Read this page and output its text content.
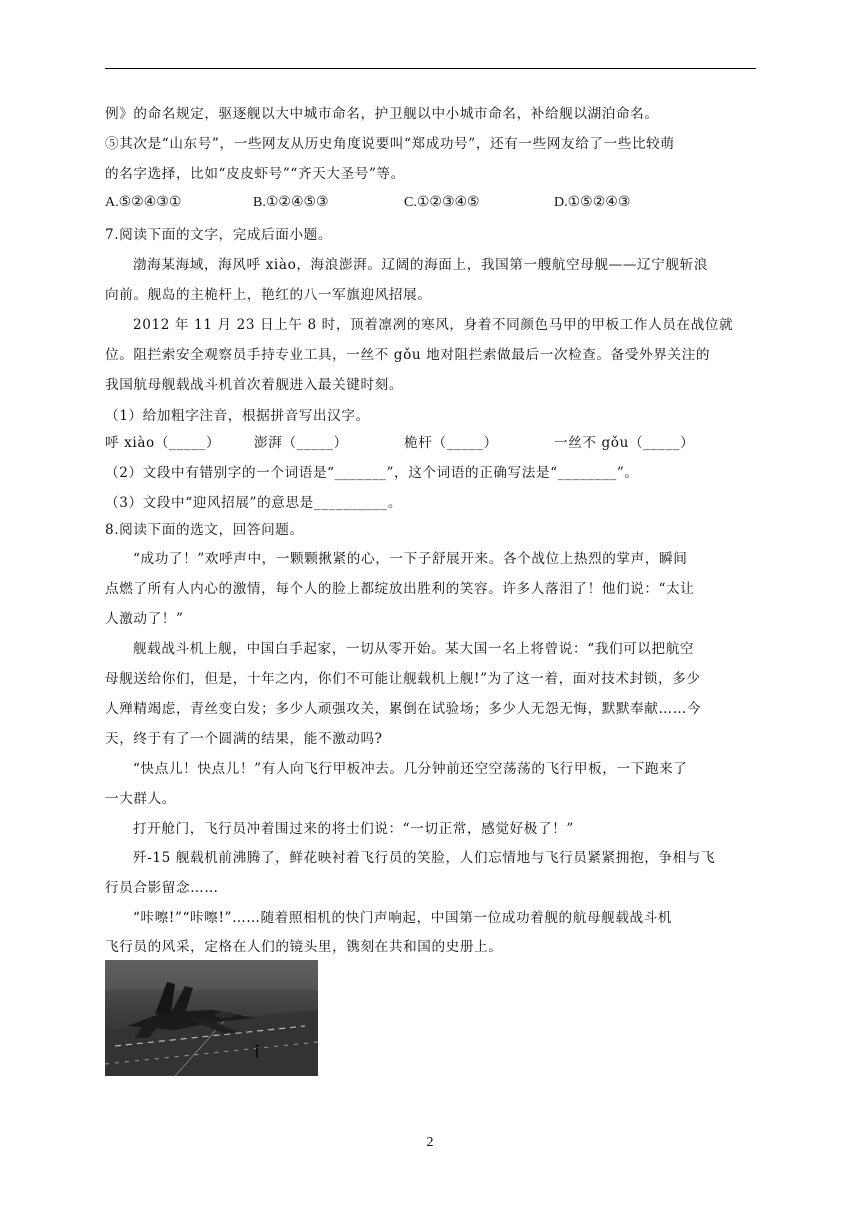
例》的命名规定，驱逐舰以大中城市命名，护卫舰以中小城市命名，补给舰以湖泊命名。
⑤其次是“山东号”，一些网友从历史角度说要叫“郑成功号”，还有一些网友给了一些比较萌
的名字选择，比如“皮皮虾号”“齐天大圣号”等。
A.⑤②④③①	B.①②④⑤③	C.①②③④⑤	D.①⑤②④③
7.阅读下面的文字，完成后面小题。
渤海某海域，海风呼 xiào，海浪澎湃。辽阔的海面上，我国第一艘航空母舰——辽宁舰斩浪
向前。舰岛的主桅杆上，艳红的八一军旗迎风招展。
2012 年 11 月 23 日上午 8 时，顶着凛冽的寒风，身着不同颜色马甲的甲板工作人员在战位就
位。阻拦索安全观察员手持专业工具，一丝不 gǒu 地对阻拦索做最后一次检查。备受外界关注的
我国航母舰载战斗机首次着舰进入最关键时刻。
（1）给加粗字注音，根据拼音写出汉字。
呼 xiào（_____） 澎湃（_____）	桅杆（_____）	一丝不 gǒu（_____）
（2）文段中有错别字的一个词语是“_______”，这个词语的正确写法是“________”。
（3）文段中“迎风招展”的意思是__________。
8.阅读下面的选文，回答问题。
“成功了！”欢呼声中，一颗颗揪紧的心，一下子舒展开来。各个战位上热烈的掌声，瞬间
点燃了所有人内心的激情，每个人的脸上都绽放出胜利的笑容。许多人落泪了！他们说：“太让
人激动了！”
舰载战斗机上舰，中国白手起家，一切从零开始。某大国一名上将曾说：“我们可以把航空
母舰送给你们，但是，十年之内，你们不可能让舰载机上舰!”为了这一着，面对技术封锁，多少
人殚精竭虑，青丝变白发；多少人顽强攻关，累倒在试验场；多少人无怨无悔，默默奉献……今
天，终于有了一个圆满的结果，能不激动吗?
“快点儿！快点儿！”有人向飞行甲板冲去。几分钟前还空空荡荡的飞行甲板，一下跑来了
一大群人。
打开舱门，飞行员冲着围过来的将士们说：“一切正常，感觉好极了！”
歼-15 舰载机前沸腾了，鲜花映衬着飞行员的笑脸，人们忘情地与飞行员紧紧拥抱，争相与飞
行员合影留念……
“咔嚓!”“咔嚓!”……随着照相机的快门声响起，中国第一位成功着舰的航母舰载战斗机
飞行员的风采，定格在人们的镜头里，镌刻在共和国的史册上。
2
